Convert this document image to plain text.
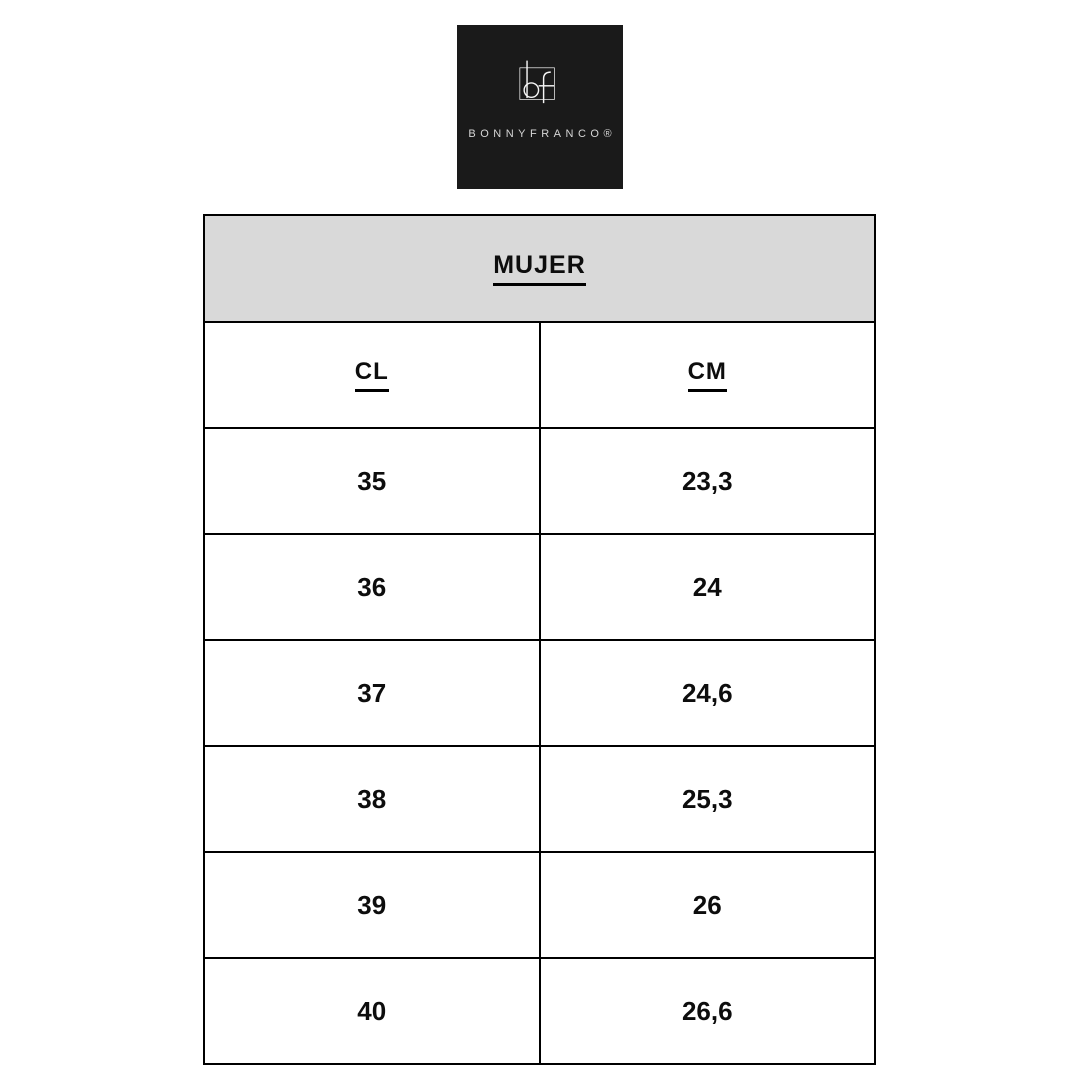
BONNYFRANCO®
MUJER	
CL	CM
35	23,3
36	24
37	24,6
38	25,3
39	26
40	26,6
